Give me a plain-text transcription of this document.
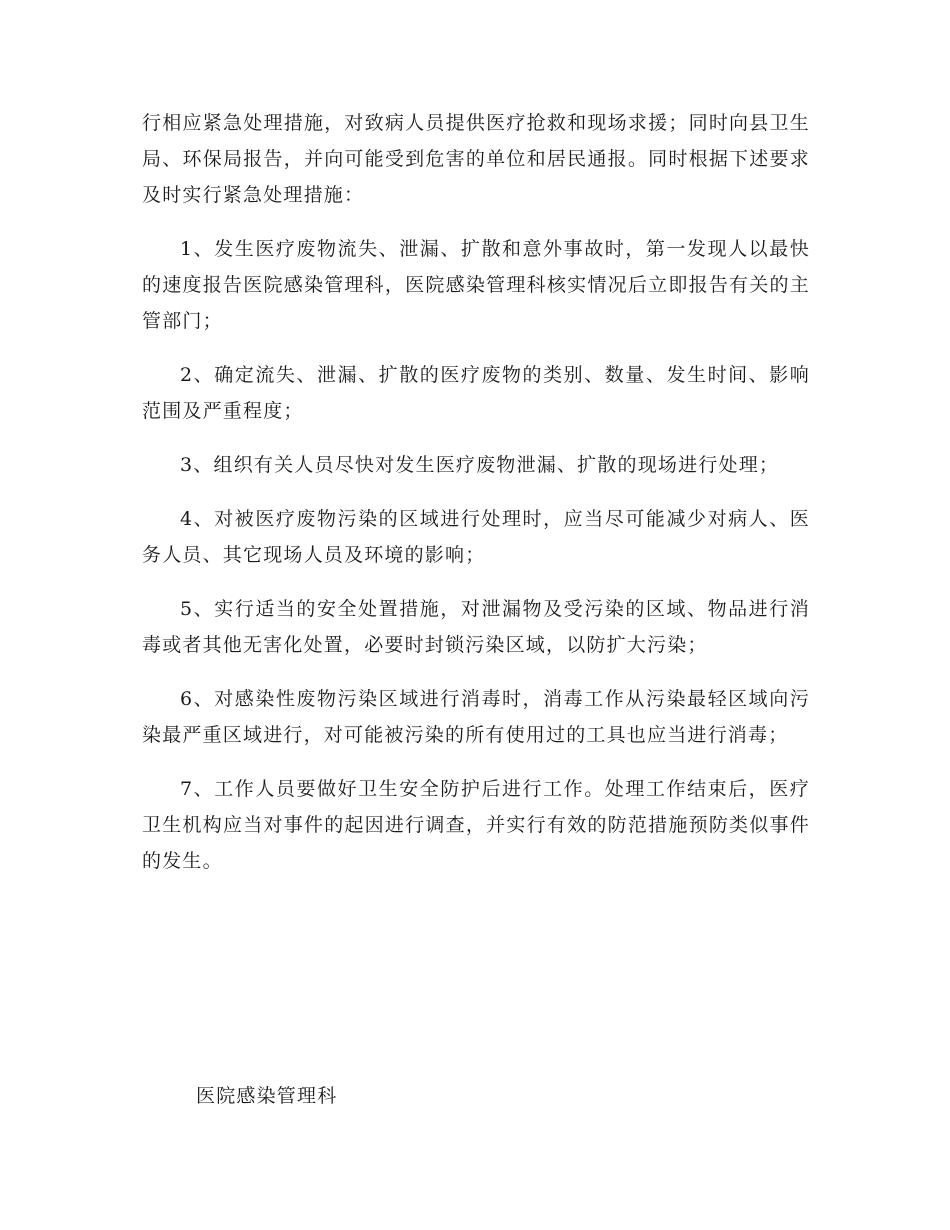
行相应紧急处理措施，对致病人员提供医疗抢救和现场求援；同时向县卫生局、环保局报告，并向可能受到危害的单位和居民通报。同时根据下述要求及时实行紧急处理措施：

1、发生医疗废物流失、泄漏、扩散和意外事故时，第一发现人以最快的速度报告医院感染管理科，医院感染管理科核实情况后立即报告有关的主管部门；

2、确定流失、泄漏、扩散的医疗废物的类别、数量、发生时间、影响范围及严重程度；

3、组织有关人员尽快对发生医疗废物泄漏、扩散的现场进行处理；

4、对被医疗废物污染的区域进行处理时，应当尽可能减少对病人、医务人员、其它现场人员及环境的影响；

5、实行适当的安全处置措施，对泄漏物及受污染的区域、物品进行消毒或者其他无害化处置，必要时封锁污染区域，以防扩大污染；

6、对感染性废物污染区域进行消毒时，消毒工作从污染最轻区域向污染最严重区域进行，对可能被污染的所有使用过的工具也应当进行消毒；

7、工作人员要做好卫生安全防护后进行工作。处理工作结束后，医疗卫生机构应当对事件的起因进行调查，并实行有效的防范措施预防类似事件的发生。

医院感染管理科
